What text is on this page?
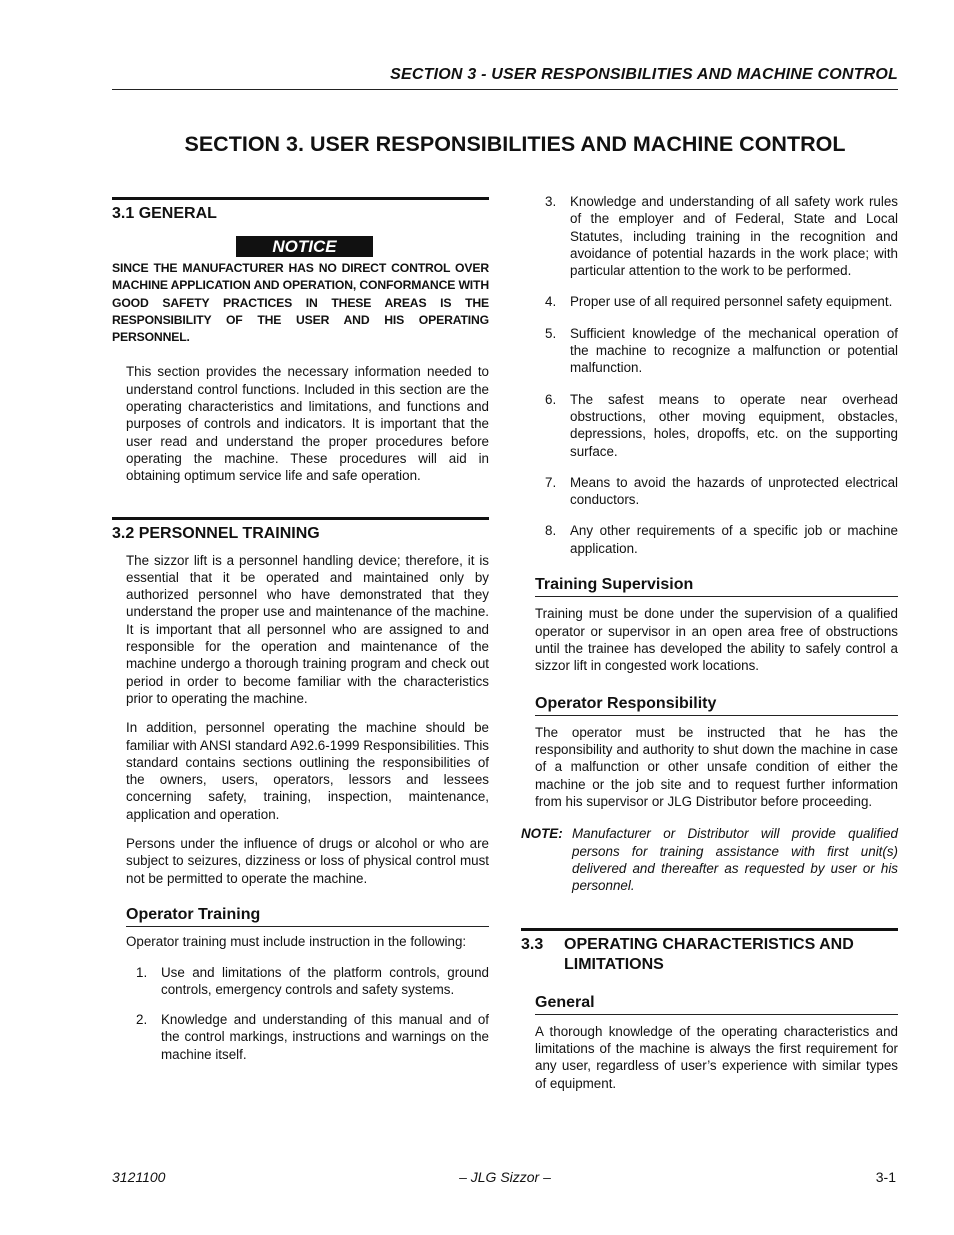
SECTION 3 - USER RESPONSIBILITIES AND MACHINE CONTROL
SECTION 3. USER RESPONSIBILITIES AND MACHINE CONTROL
3.1 GENERAL
NOTICE
SINCE THE MANUFACTURER HAS NO DIRECT CONTROL OVER MACHINE APPLICATION AND OPERATION, CONFORMANCE WITH GOOD SAFETY PRACTICES IN THESE AREAS IS THE RESPONSIBILITY OF THE USER AND HIS OPERATING PERSONNEL.

This section provides the necessary information needed to understand control functions. Included in this section are the operating characteristics and limitations, and functions and purposes of controls and indicators. It is important that the user read and understand the proper procedures before operating the machine. These procedures will aid in obtaining optimum service life and safe operation.

3.2 PERSONNEL TRAINING

The sizzor lift is a personnel handling device; therefore, it is essential that it be operated and maintained only by authorized personnel who have demonstrated that they understand the proper use and maintenance of the machine. It is important that all personnel who are assigned to and responsible for the operation and maintenance of the machine undergo a thorough training program and check out period in order to become familiar with the characteristics prior to operating the machine.

In addition, personnel operating the machine should be familiar with ANSI standard A92.6-1999 Responsibilities. This standard contains sections outlining the responsibilities of the owners, users, operators, lessors and lessees concerning safety, training, inspection, maintenance, application and operation.

Persons under the influence of drugs or alcohol or who are subject to seizures, dizziness or loss of physical control must not be permitted to operate the machine.

Operator Training

Operator training must include instruction in the following:

1.	Use and limitations of the platform controls, ground controls, emergency controls and safety systems.
2.	Knowledge and understanding of this manual and of the control markings, instructions and warnings on the machine itself.
3.	Knowledge and understanding of all safety work rules of the employer and of Federal, State and Local Statutes, including training in the recognition and avoidance of potential hazards in the work place; with particular attention to the work to be performed.
4.	Proper use of all required personnel safety equipment.
5.	Sufficient knowledge of the mechanical operation of the machine to recognize a malfunction or potential malfunction.
6.	The safest means to operate near overhead obstructions, other moving equipment, obstacles, depressions, holes, dropoffs, etc. on the supporting surface.
7.	Means to avoid the hazards of unprotected electrical conductors.
8.	Any other requirements of a specific job or machine application.
Training Supervision

Training must be done under the supervision of a qualified operator or supervisor in an open area free of obstructions until the trainee has developed the ability to safely control a sizzor lift in congested work locations.

Operator Responsibility

The operator must be instructed that he has the responsibility and authority to shut down the machine in case of a malfunction or other unsafe condition of either the machine or the job site and to request further information from his supervisor or JLG Distributor before proceeding.

NOTE: Manufacturer or Distributor will provide qualified persons for training assistance with first unit(s) delivered and thereafter as requested by user or his personnel.
3.3	OPERATING CHARACTERISTICS AND LIMITATIONS
General

A thorough knowledge of the operating characteristics and limitations of the machine is always the first requirement for any user, regardless of user’s experience with similar types of equipment.

3121100	– JLG Sizzor –	3-1
